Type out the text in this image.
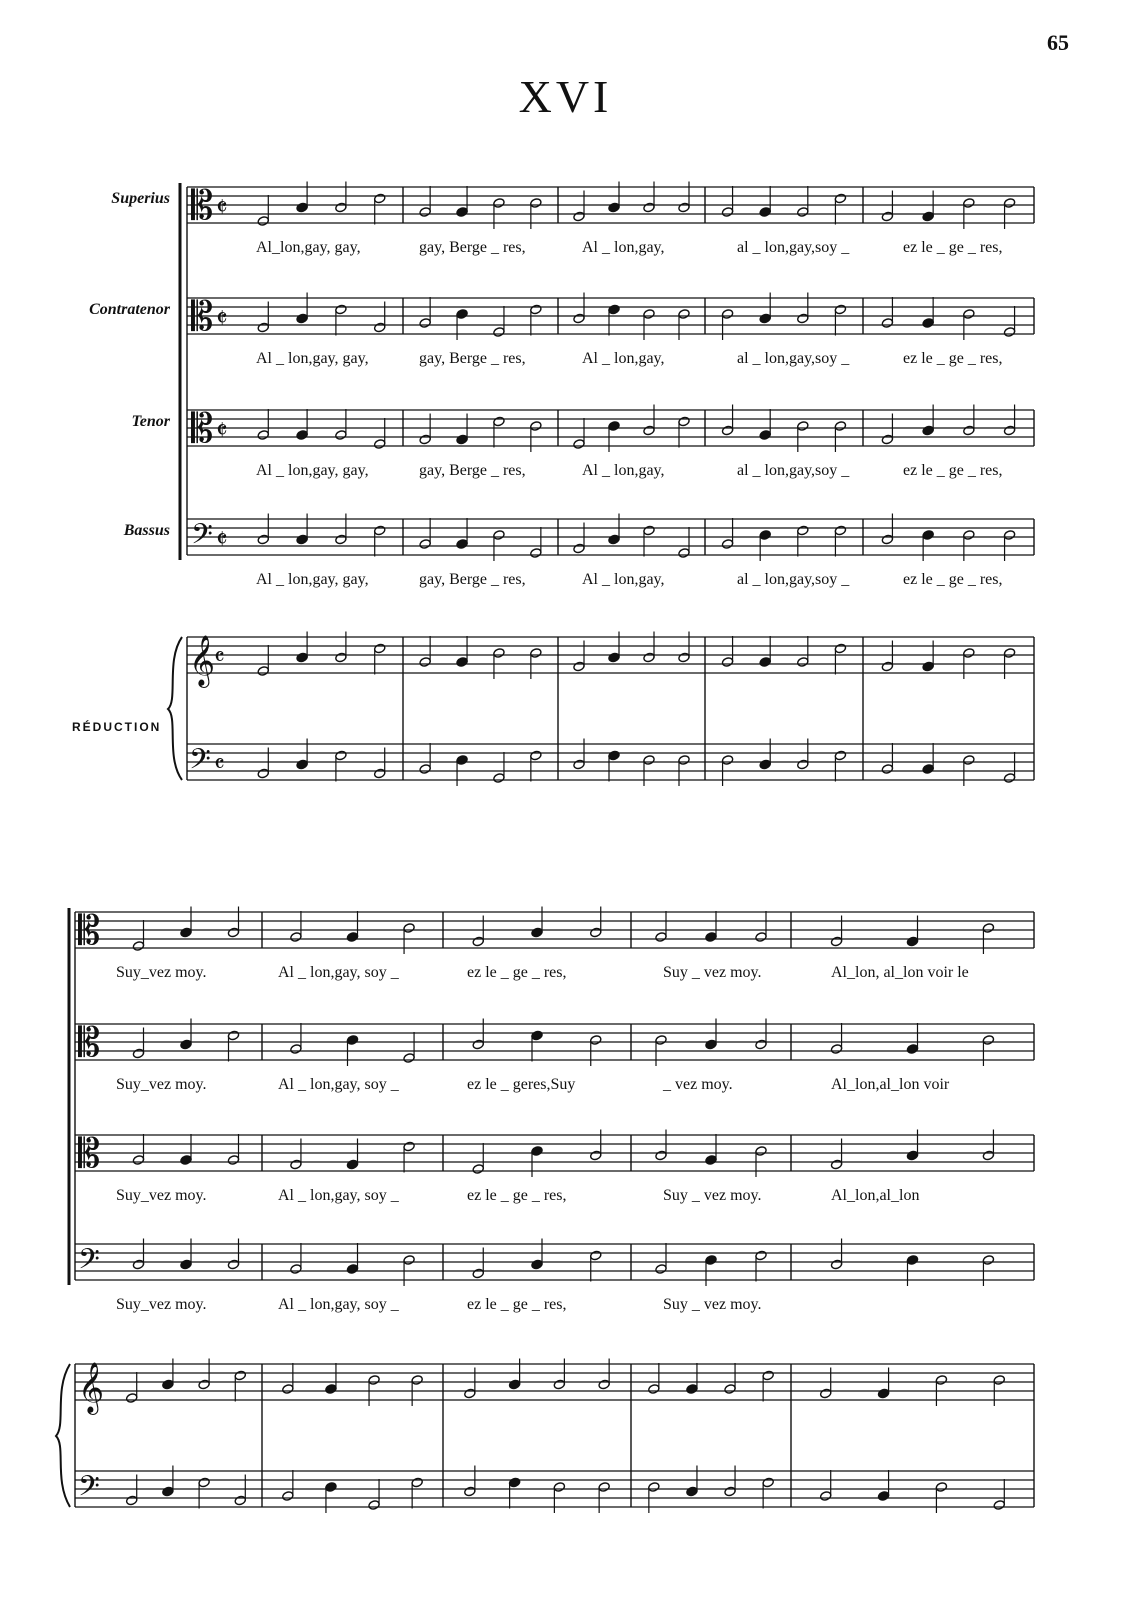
65
XVI
Superius
Contratenor
Tenor
Bassus
RÉDUCTION
𝄡
𝄡
𝄡
𝄢
𝄵
𝄵
𝄵
𝄵
𝄞
𝄢
𝄴
𝄴
𝄡
𝄡
𝄡
𝄢
𝄞
𝄢
Al_lon,gay, gay,	gay, Berge _ res,	Al _ lon,gay,	al _ lon,gay,soy _	ez le _ ge _ res,
Al _ lon,gay, gay,	gay, Berge _ res,	Al _ lon,gay,	al _ lon,gay,soy _	ez le _ ge _ res,
Al _ lon,gay, gay,	gay, Berge _ res,	Al _ lon,gay,	al _ lon,gay,soy _	ez le _ ge _ res,
Al _ lon,gay, gay,	gay, Berge _ res,	Al _ lon,gay,	al _ lon,gay,soy _	ez le _ ge _ res,
Suy_vez moy.	Al _ lon,gay, soy _	ez le _ ge _ res,	Suy _ vez moy.	Al_lon, al_lon voir le
Suy_vez moy.	Al _ lon,gay, soy _	ez le _ geres,Suy	_ vez moy.	Al_lon,al_lon voir
Suy_vez moy.	Al _ lon,gay, soy _	ez le _ ge _ res,	Suy _ vez moy.	Al_lon,al_lon
Suy_vez moy.	Al _ lon,gay, soy _	ez le _ ge _ res,	Suy _ vez moy.
